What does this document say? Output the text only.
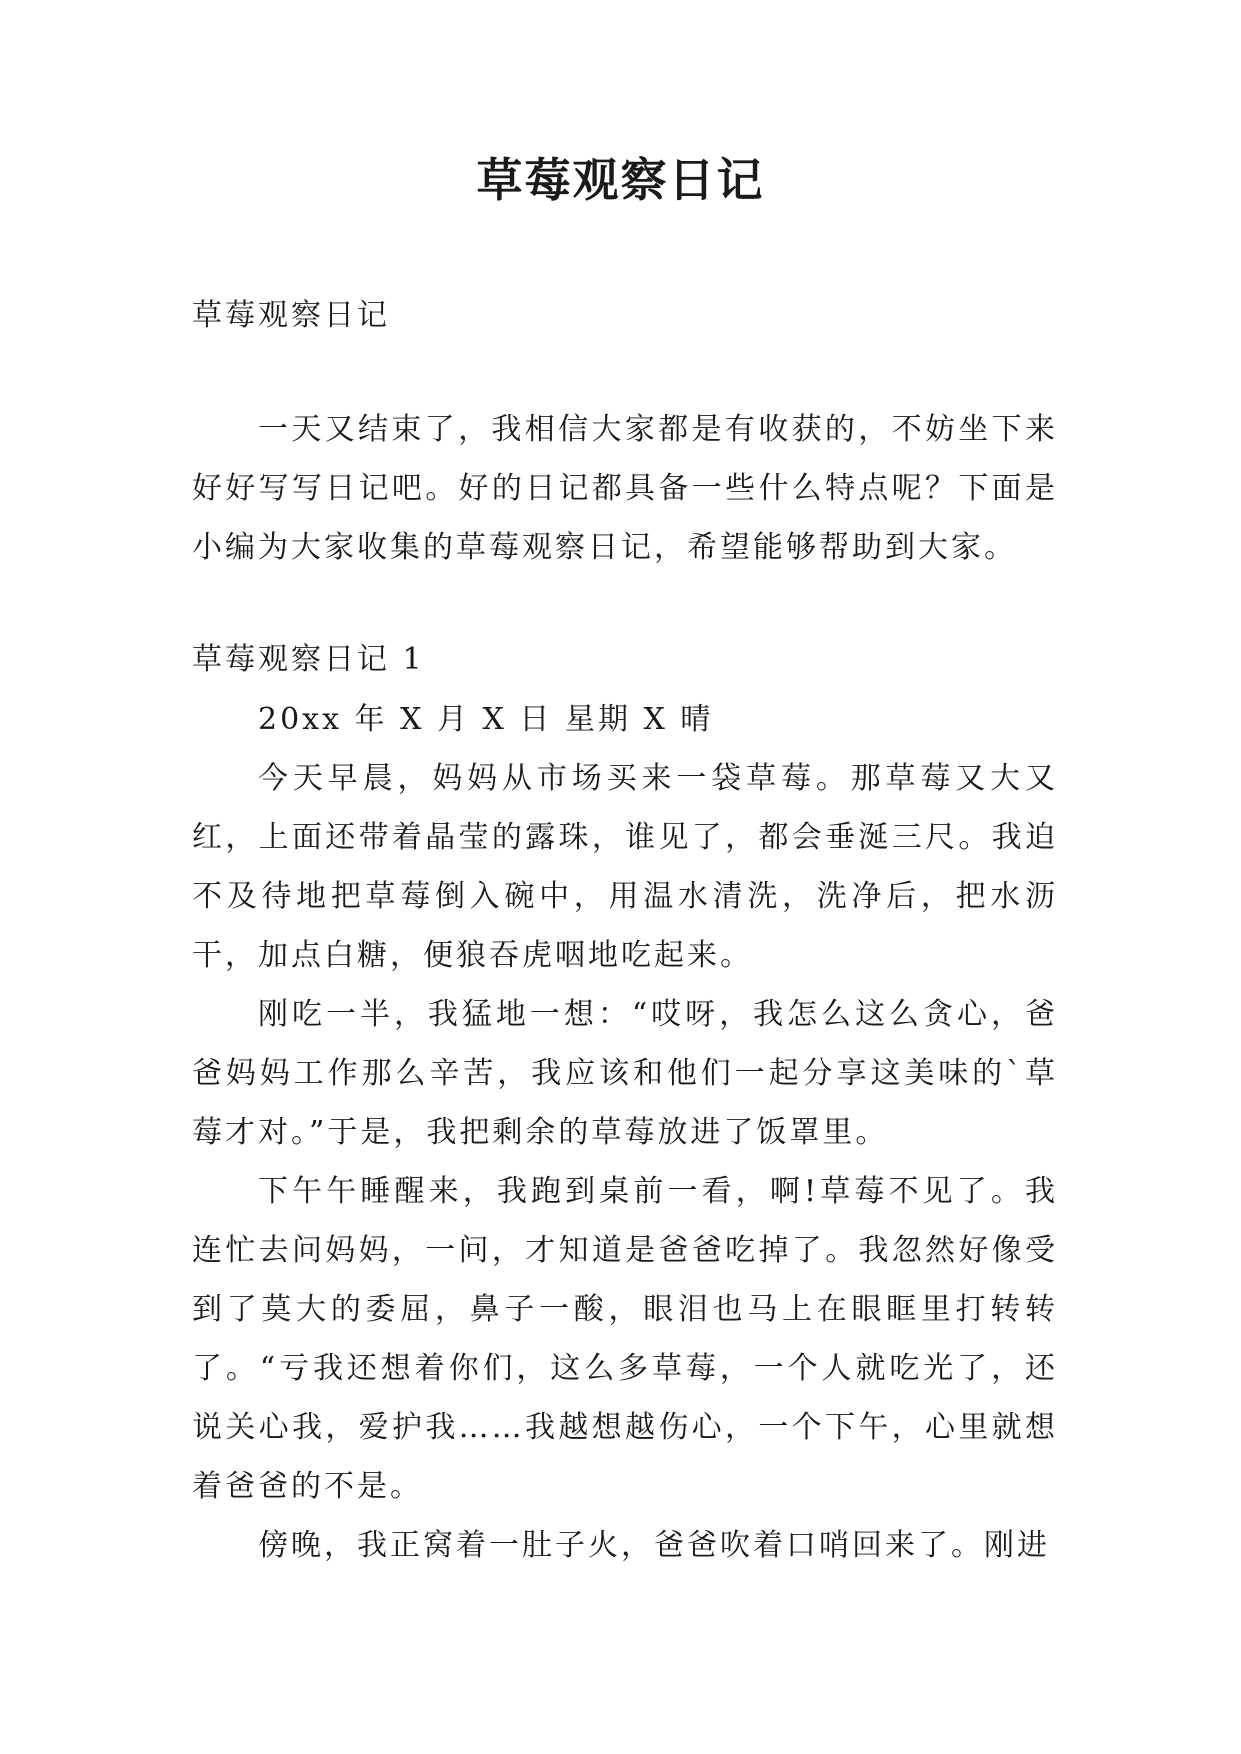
草莓观察日记

草莓观察日记

一天又结束了，我相信大家都是有收获的，不妨坐下来好好写写日记吧。好的日记都具备一些什么特点呢？下面是小编为大家收集的草莓观察日记，希望能够帮助到大家。

草莓观察日记 1

20xx 年 X 月 X 日 星期 X 晴

今天早晨，妈妈从市场买来一袋草莓。那草莓又大又红，上面还带着晶莹的露珠，谁见了，都会垂涎三尺。我迫不及待地把草莓倒入碗中，用温水清洗，洗净后，把水沥干，加点白糖，便狼吞虎咽地吃起来。

刚吃一半，我猛地一想：“哎呀，我怎么这么贪心，爸爸妈妈工作那么辛苦，我应该和他们一起分享这美味的`草莓才对。”于是，我把剩余的草莓放进了饭罩里。

下午午睡醒来，我跑到桌前一看，啊!草莓不见了。我连忙去问妈妈，一问，才知道是爸爸吃掉了。我忽然好像受到了莫大的委屈，鼻子一酸，眼泪也马上在眼眶里打转转了。“亏我还想着你们，这么多草莓，一个人就吃光了，还说关心我，爱护我……我越想越伤心，一个下午，心里就想着爸爸的不是。

傍晚，我正窝着一肚子火，爸爸吹着口哨回来了。刚进
